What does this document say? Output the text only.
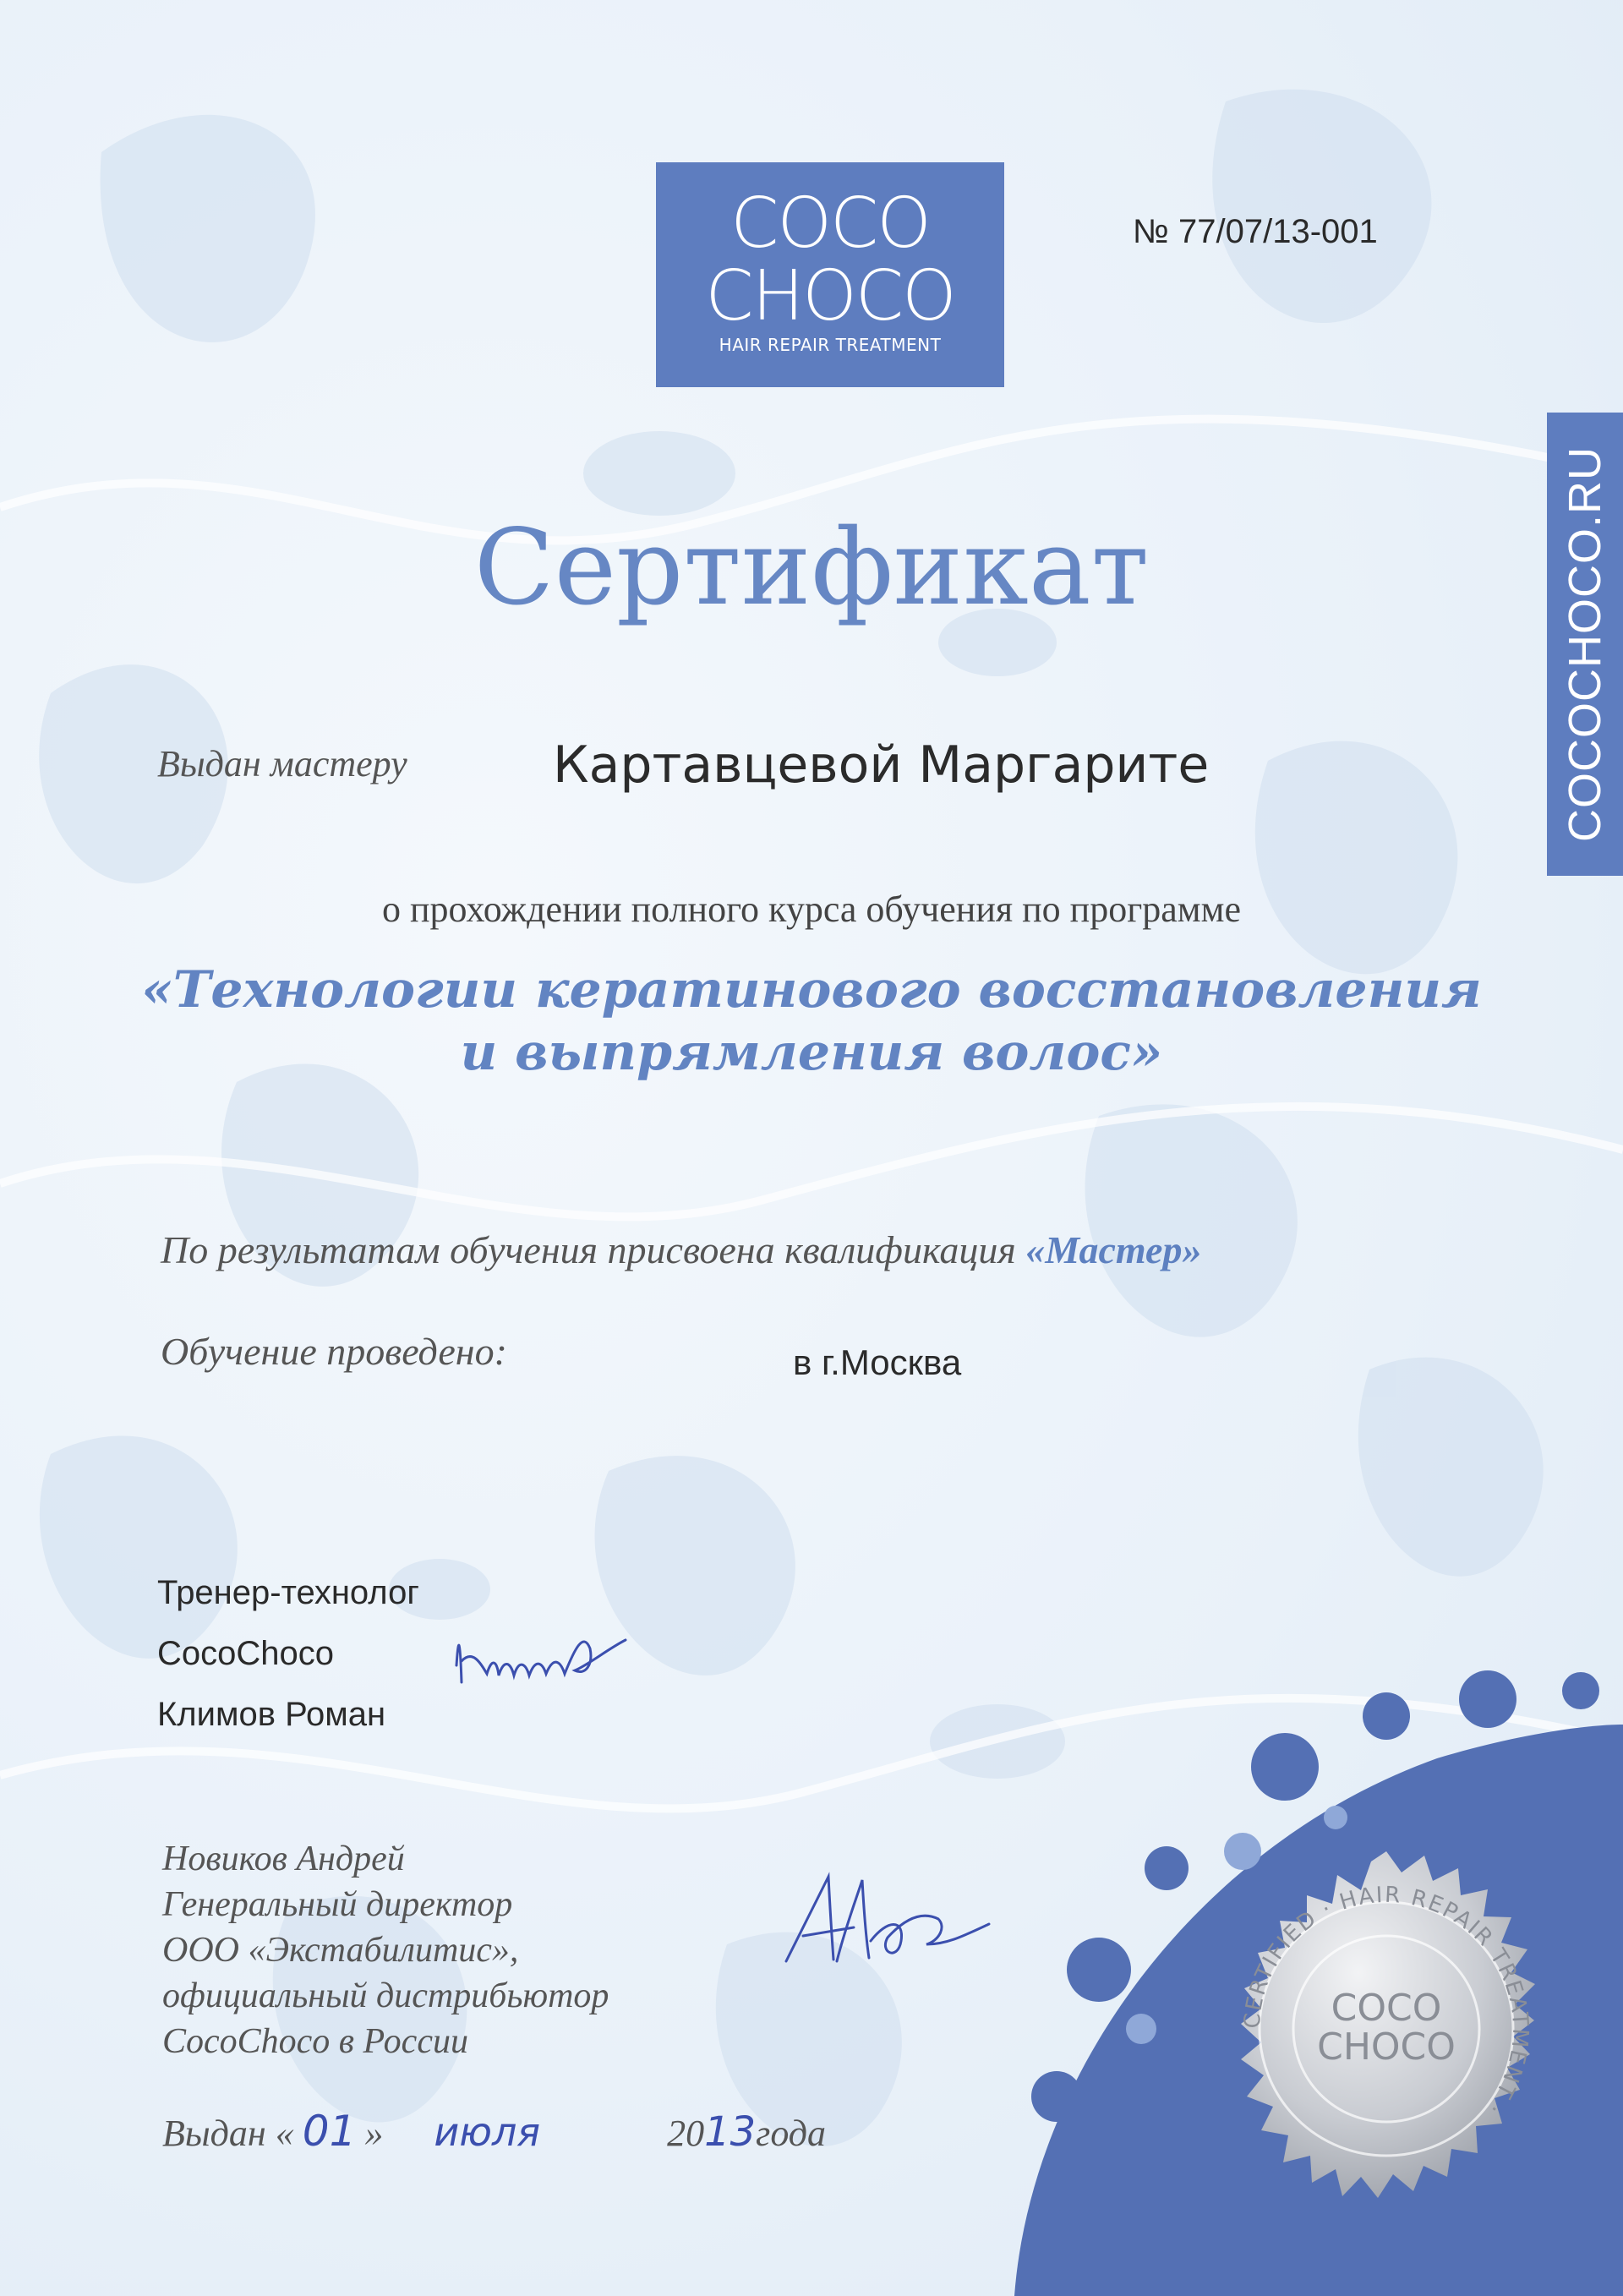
COCO
CHOCO
HAIR REPAIR TREATMENT
№ 77/07/13-001
COCOCHOCO.RU
Сертификат
Выдан мастеру	Картавцевой Маргарите
о прохождении полного курса обучения по программе
«Технологии кератинового восстановления
и выпрямления волос»
По результатам обучения присвоена квалификация «Мастер»
Обучение проведено:	в г.Москва
Тренер-технолог
CocoChoco
Климов Роман
Новиков Андрей
Генеральный директор
ООО «Экстабилитис»,
официальный дистрибьютор
CocoChoco в России
Выдан « 01 » июля	2013года
CERTIFIED · HAIR REPAIR TREATMENT ·
COCO
CHOCO
